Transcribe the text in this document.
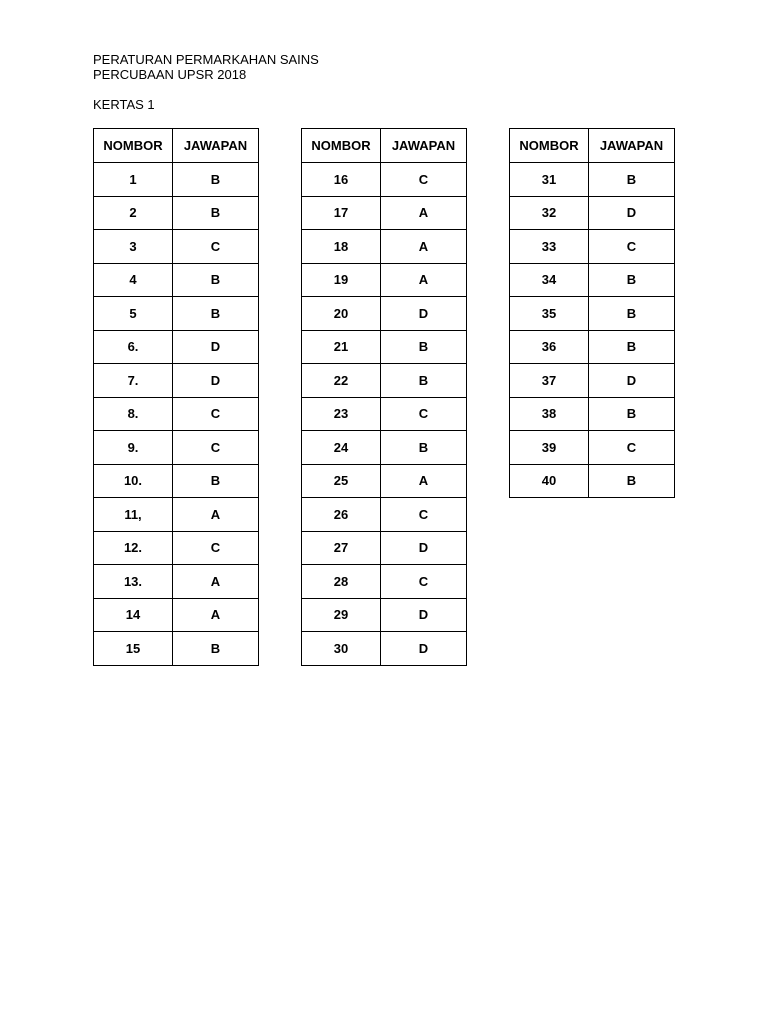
PERATURAN PERMARKAHAN SAINS
PERCUBAAN UPSR 2018
KERTAS 1
NOMBOR	JAWAPAN
1	B
2	B
3	C
4	B
5	B
6.	D
7.	D
8.	C
9.	C
10.	B
11,	A
12.	C
13.	A
14	A
15	B
NOMBOR	JAWAPAN
16	C
17	A
18	A
19	A
20	D
21	B
22	B
23	C
24	B
25	A
26	C
27	D
28	C
29	D
30	D
NOMBOR	JAWAPAN
31	B
32	D
33	C
34	B
35	B
36	B
37	D
38	B
39	C
40	B
